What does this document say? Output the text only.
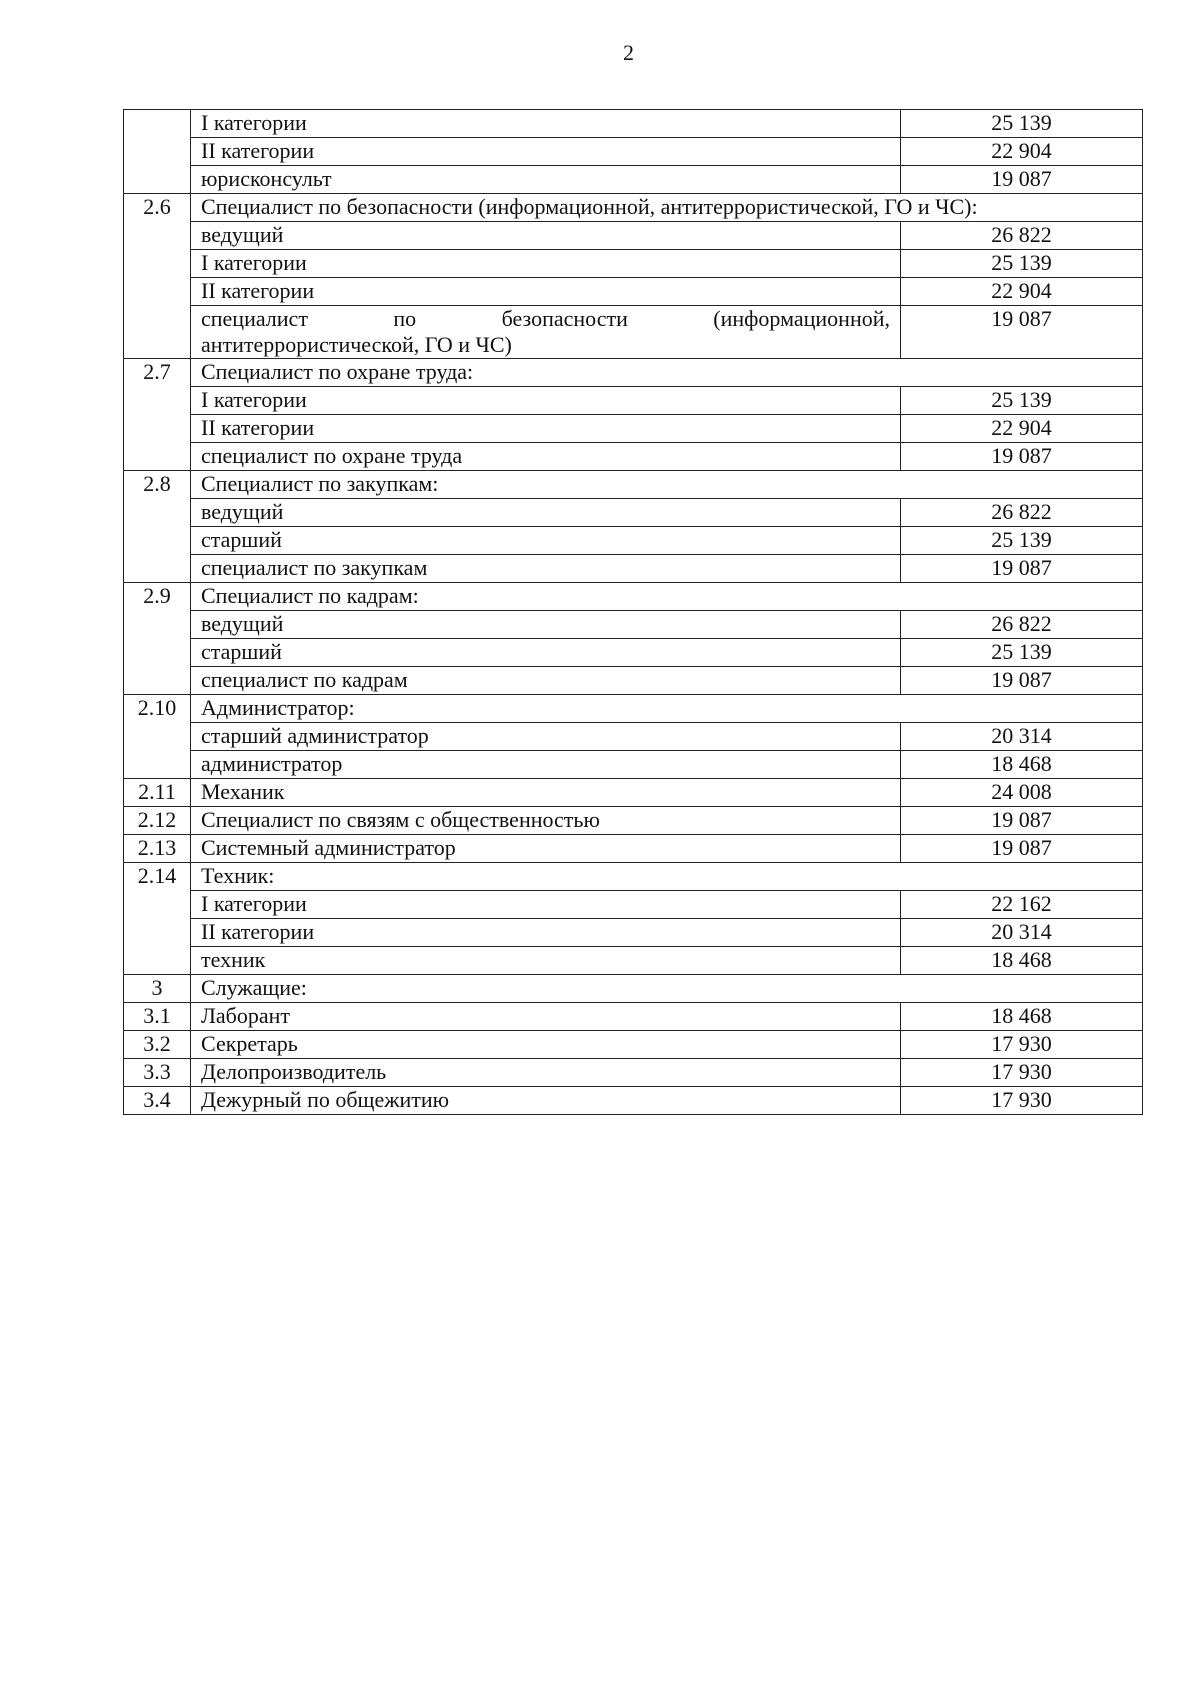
2
	I категории	25 139
	II категории	22 904
	юрисконсульт	19 087
2.6	Специалист по безопасности (информационной, антитеррористической, ГО и ЧС):	
	ведущий	26 822
	I категории	25 139
	II категории	22 904
	специалист по безопасности (информационной,
антитеррористической, ГО и ЧС)	19 087
2.7	Специалист по охране труда:	
	I категории	25 139
	II категории	22 904
	специалист по охране труда	19 087
2.8	Специалист по закупкам:	
	ведущий	26 822
	старший	25 139
	специалист по закупкам	19 087
2.9	Специалист по кадрам:	
	ведущий	26 822
	старший	25 139
	специалист по кадрам	19 087
2.10	Администратор:	
	старший администратор	20 314
	администратор	18 468
2.11	Механик	24 008
2.12	Специалист по связям с общественностью	19 087
2.13	Системный администратор	19 087
2.14	Техник:	
	I категории	22 162
	II категории	20 314
	техник	18 468
3	Служащие:	
3.1	Лаборант	18 468
3.2	Секретарь	17 930
3.3	Делопроизводитель	17 930
3.4	Дежурный по общежитию	17 930
